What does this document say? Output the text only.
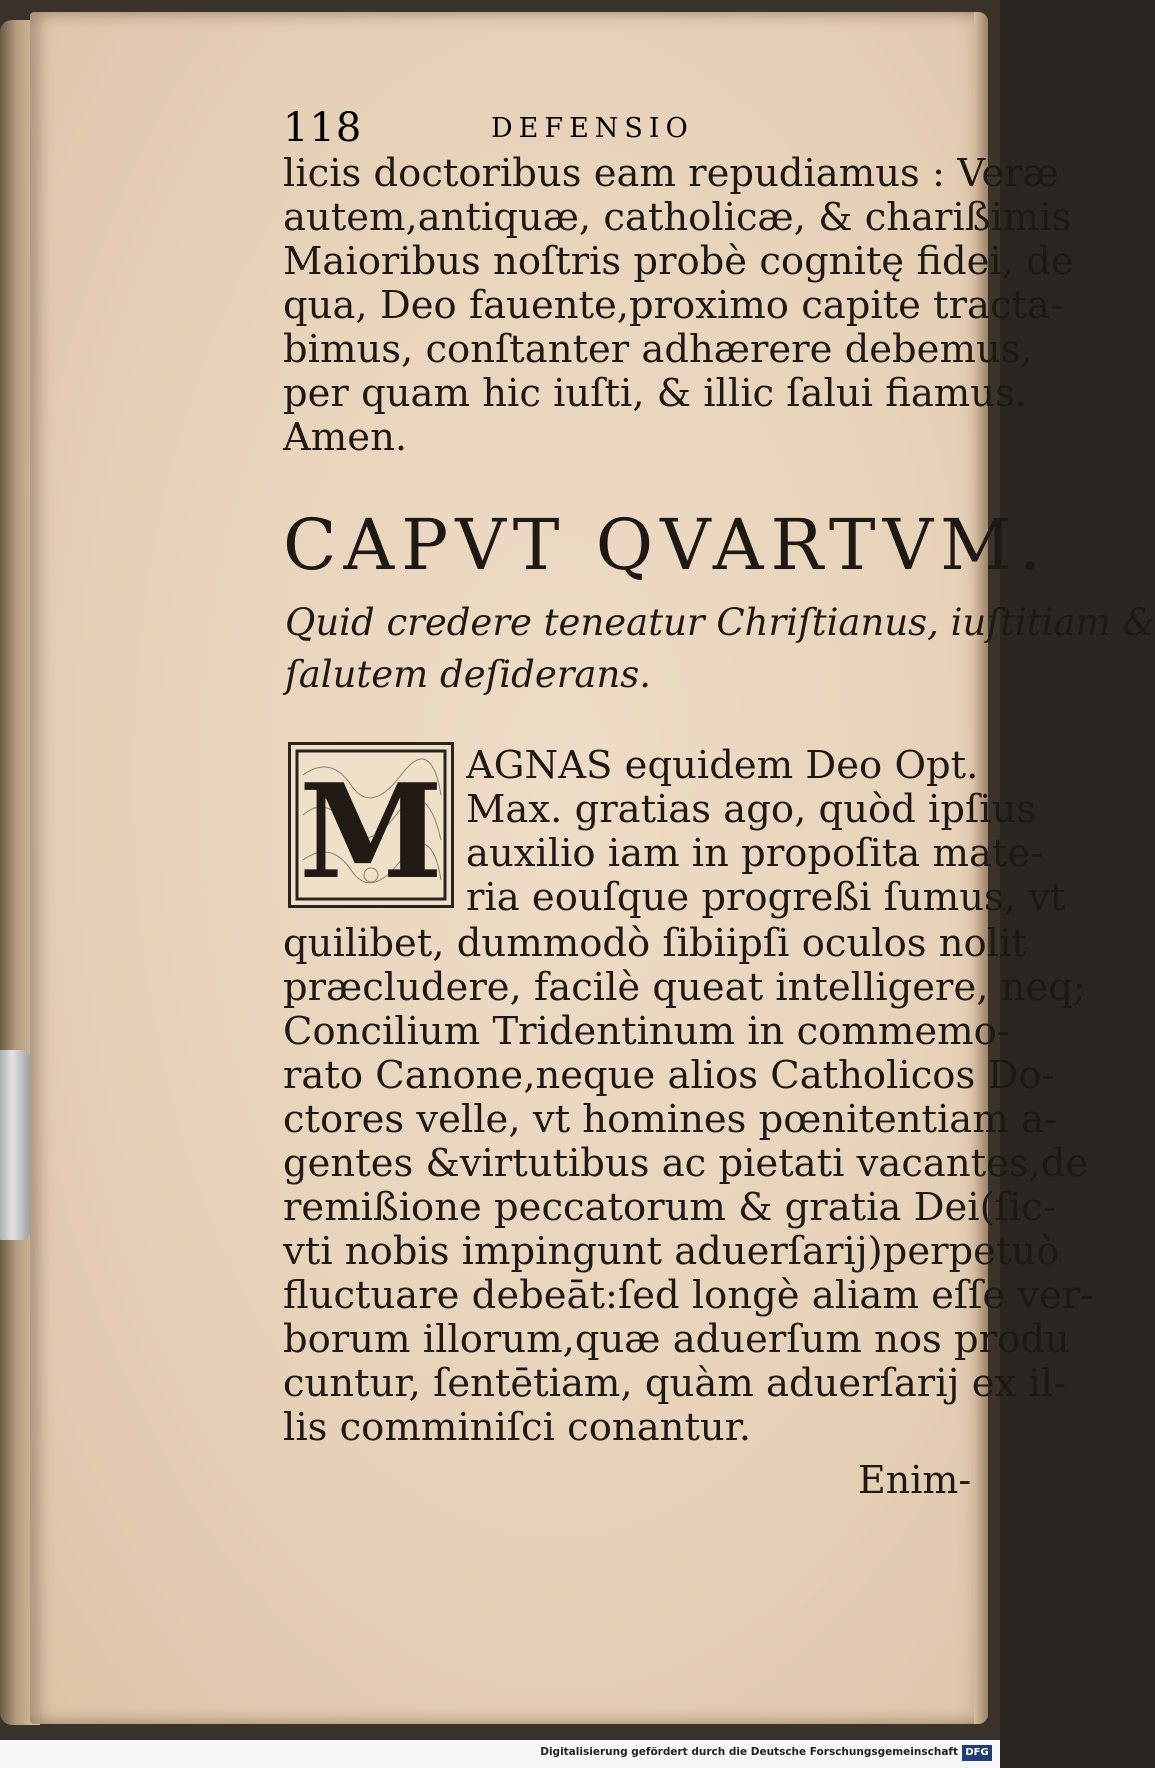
118	DEFENSIO
licis doctoribus eam repudiamus : Veræ
autem,antiquæ, catholicæ, & charißimis
Maioribus noſtris probè cognitę fidei, de
qua, Deo fauente,proximo capite tracta-
bimus, conſtanter adhærere debemus,
per quam hic iuſti, & illic ſalui fiamus.
Amen.
CAPVT QVARTVM.
Quid credere teneatur Chriſtianus, iuſtitiam &
ſalutem deſiderans.
M AGNAS equidem Deo Opt.
Max. gratias ago, quòd ipſius
auxilio iam in propoſita mate-
ria eouſque progreßi ſumus, vt
quilibet, dummodò ſibiipſi oculos nolit
præcludere, facilè queat intelligere, neq;
Concilium Tridentinum in commemo-
rato Canone,neque alios Catholicos Do-
ctores velle, vt homines pœnitentiam a-
gentes &virtutibus ac pietati vacantes,de
remißione peccatorum & gratia Dei(ſic-
vti nobis impingunt aduerſarij)perpetuò
fluctuare debeāt:ſed longè aliam eſſe ver-
borum illorum,quæ aduerſum nos produ
cuntur, ſentētiam, quàm aduerſarij ex il-
lis comminiſci conantur.
Enim-
Digitalisierung gefördert durch die Deutsche Forschungsgemeinschaft DFG
